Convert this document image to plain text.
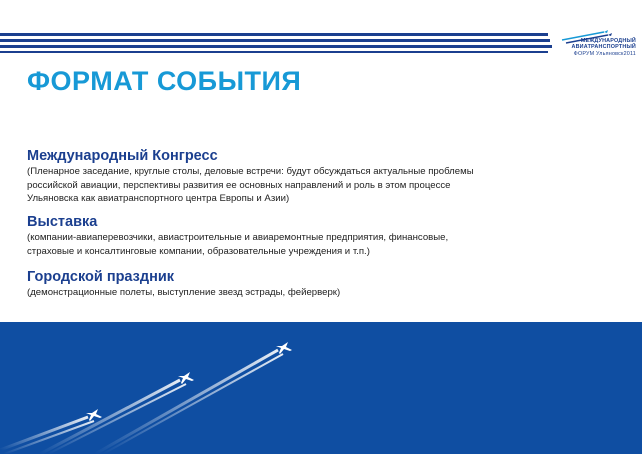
МЕЖДУНАРОДНЫЙ
АВИАТРАНСПОРТНЫЙ
ФОРУМ Ульяновск2011
ФОРМАТ СОБЫТИЯ
Международный Конгресс
(Пленарное заседание, круглые столы, деловые встречи: будут обсуждаться актуальные проблемы
российской авиации, перспективы развития ее основных направлений и роль в этом процессе
Ульяновска как авиатранспортного центра Европы и Азии)
Выставка
(компании-авиаперевозчики, авиастроительные и авиаремонтные предприятия, финансовые,
страховые и консалтинговые компании, образовательные учреждения и т.п.)
Городской праздник
(демонстрационные полеты, выступление звезд эстрады, фейерверк)
